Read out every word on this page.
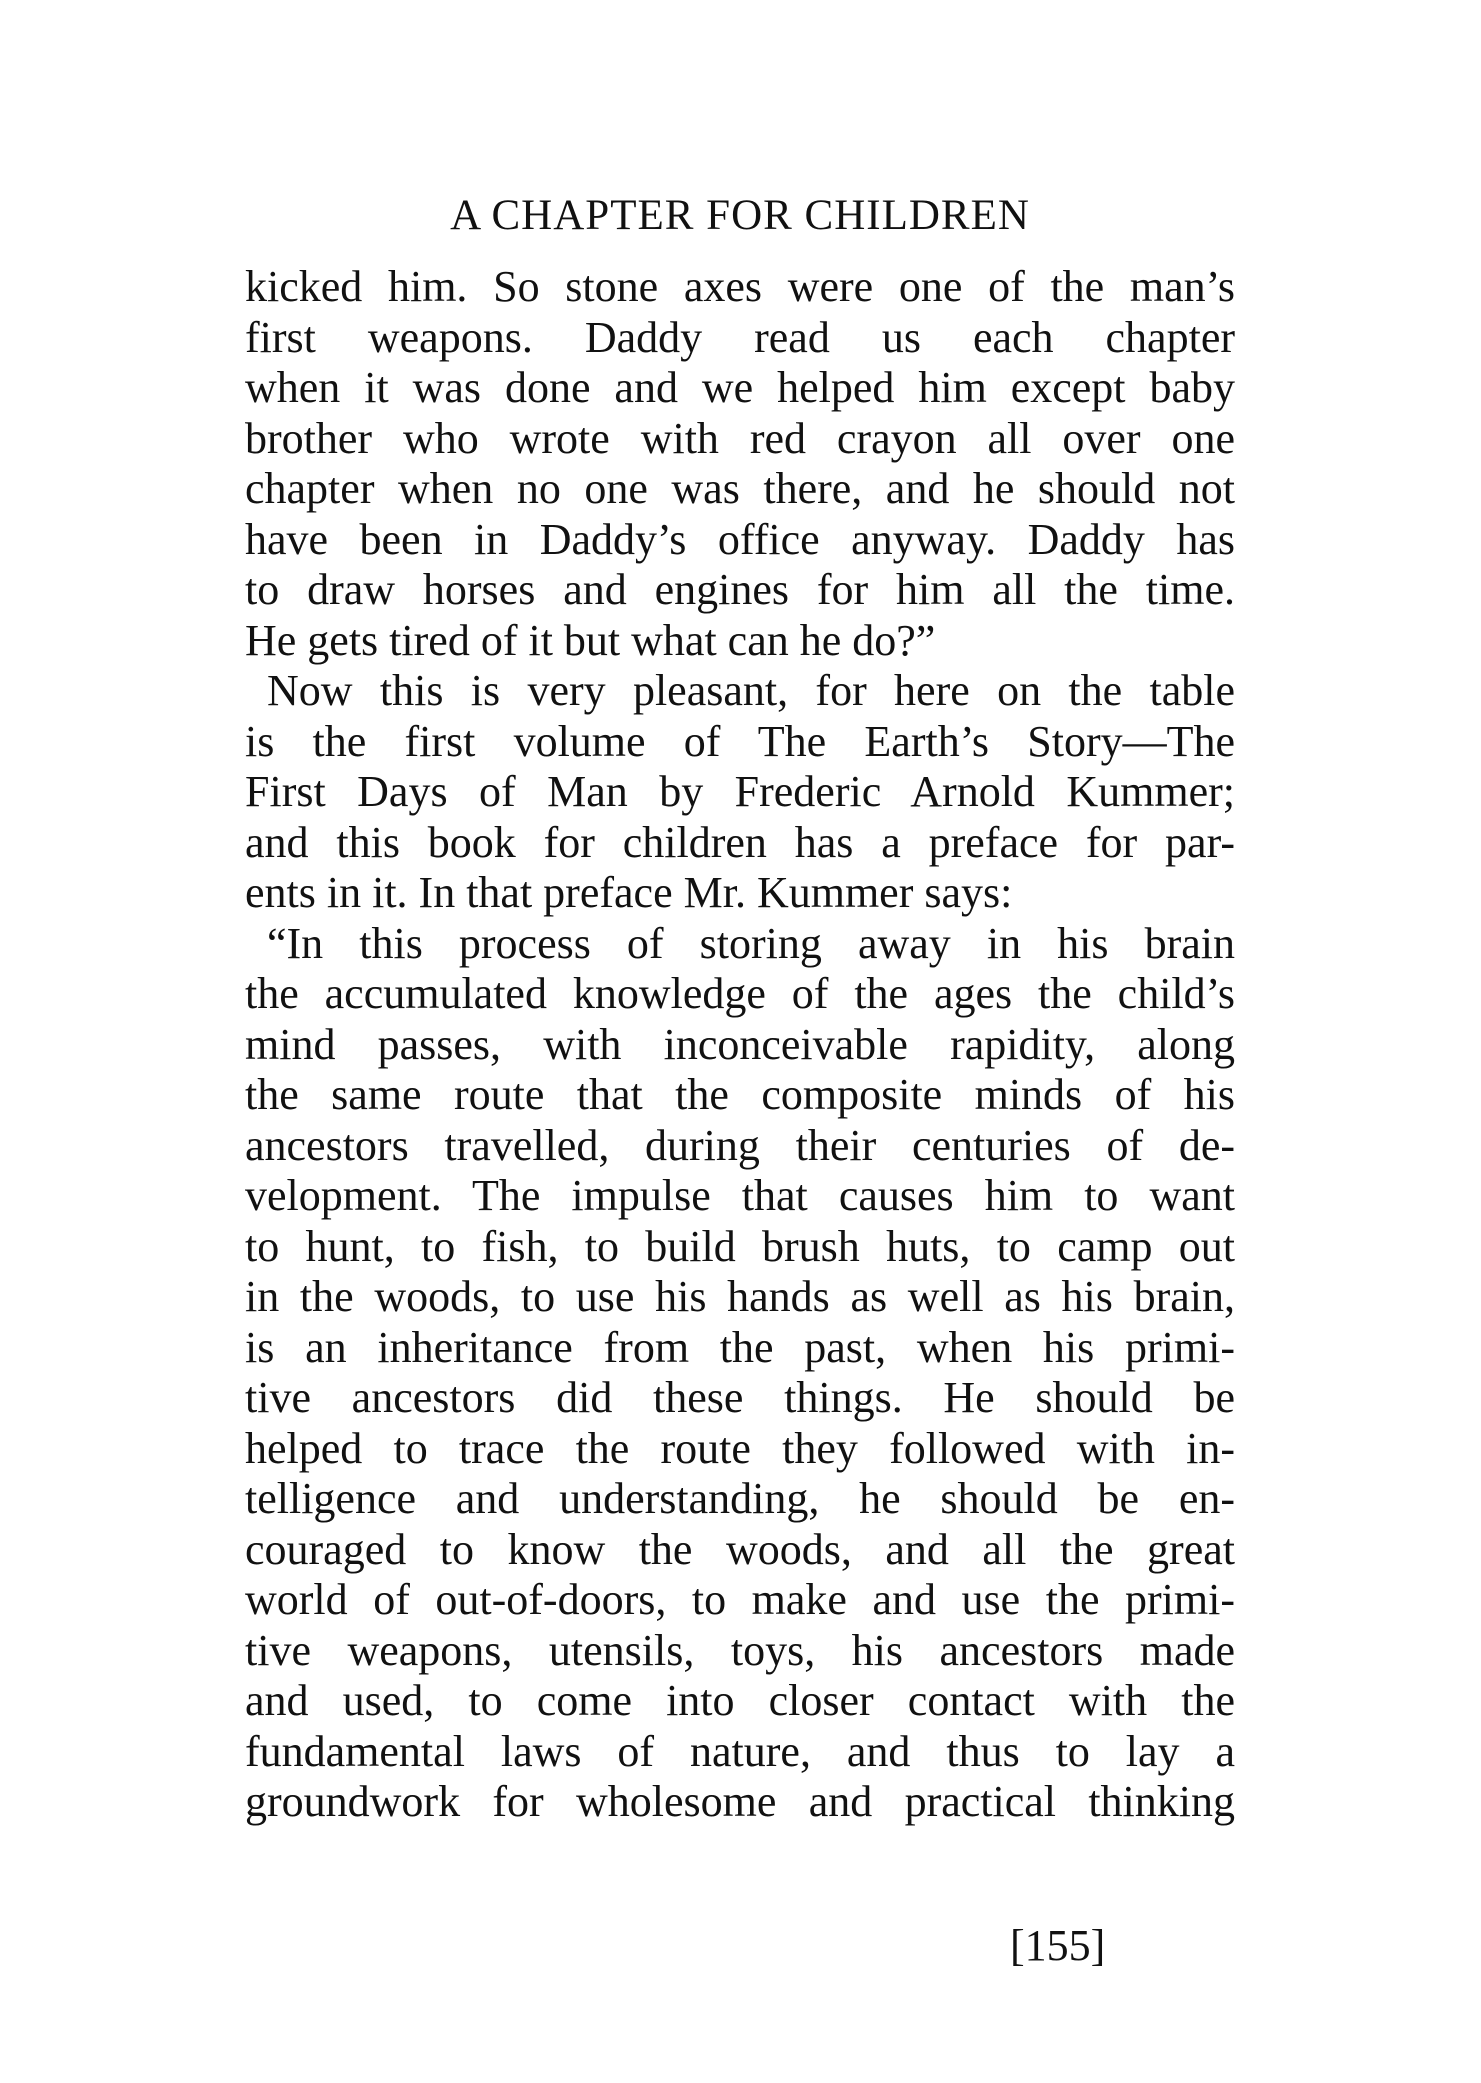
A CHAPTER FOR CHILDREN
kicked him. So stone axes were one of the man’s
first weapons. Daddy read us each chapter
when it was done and we helped him except baby
brother who wrote with red crayon all over one
chapter when no one was there, and he should not
have been in Daddy’s office anyway. Daddy has
to draw horses and engines for him all the time.
He gets tired of it but what can he do?”
Now this is very pleasant, for here on the table
is the first volume of The Earth’s Story—The
First Days of Man by Frederic Arnold Kummer;
and this book for children has a preface for par-
ents in it. In that preface Mr. Kummer says:
“In this process of storing away in his brain
the accumulated knowledge of the ages the child’s
mind passes, with inconceivable rapidity, along
the same route that the composite minds of his
ancestors travelled, during their centuries of de-
velopment. The impulse that causes him to want
to hunt, to fish, to build brush huts, to camp out
in the woods, to use his hands as well as his brain,
is an inheritance from the past, when his primi-
tive ancestors did these things. He should be
helped to trace the route they followed with in-
telligence and understanding, he should be en-
couraged to know the woods, and all the great
world of out-of-doors, to make and use the primi-
tive weapons, utensils, toys, his ancestors made
and used, to come into closer contact with the
fundamental laws of nature, and thus to lay a
groundwork for wholesome and practical thinking
[155]
